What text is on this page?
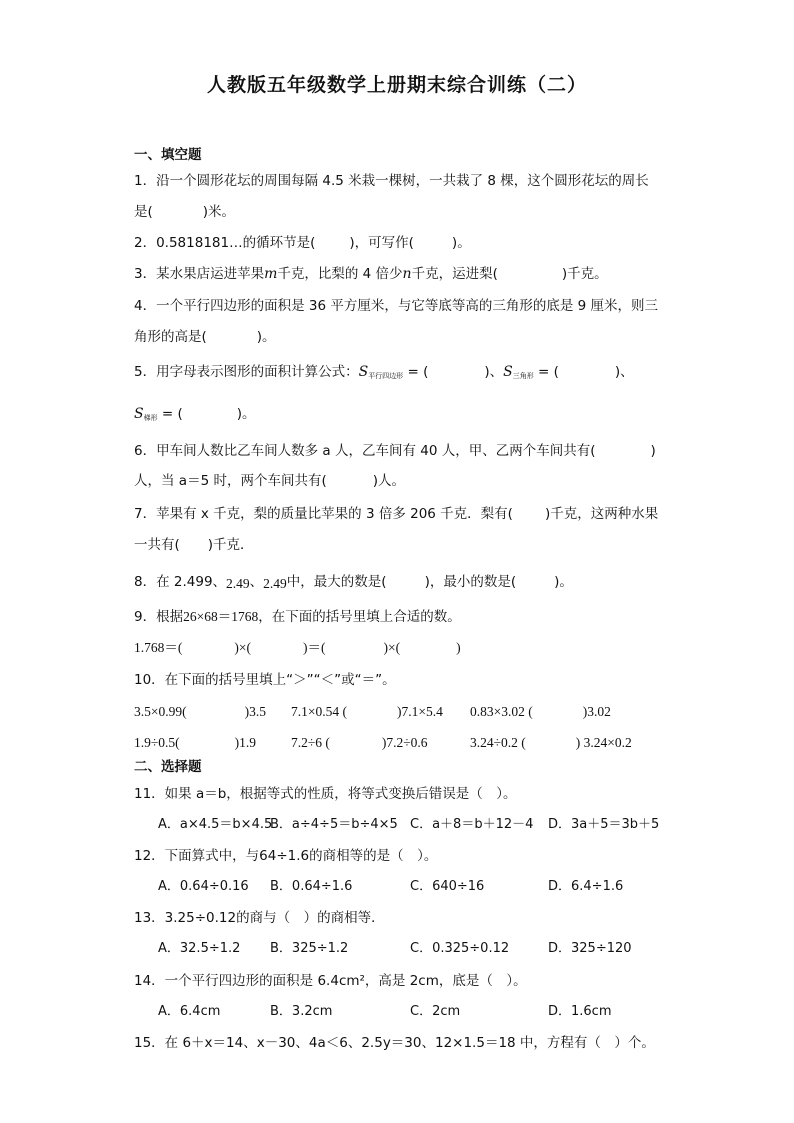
人教版五年级数学上册期末综合训练（二）
一、填空题
1．沿一个圆形花坛的周围每隔 4.5 米栽一棵树，一共栽了 8 棵，这个圆形花坛的周长
是(	)米。
2．0.5818181…的循环节是(	)，可写作(	)。
3．某水果店运进苹果m千克，比梨的 4 倍少n千克，运进梨(	)千克。
4．一个平行四边形的面积是 36 平方厘米，与它等底等高的三角形的底是 9 厘米，则三
角形的高是(	)。
5．用字母表示图形的面积计算公式：$S_{平行四边形}$ = (	)、$S_{三角形}$ = (	)、
$S_{梯形}$ = (	)。
6．甲车间人数比乙车间人数多 a 人，乙车间有 40 人，甲、乙两个车间共有(	)
人，当 a＝5 时，两个车间共有(	)人。
7．苹果有 x 千克，梨的质量比苹果的 3 倍多 206 千克．梨有( )千克，这两种水果
一共有( )千克．
8．在 2.499、2.49、2.49中，最大的数是(	)，最小的数是(	)。
9．根据26×68＝1768，在下面的括号里填上合适的数。
1.768＝(	)×(	)＝(	)×(	)
10．在下面的括号里填上“＞”“＜”或“＝”。
3.5×0.99(	)3.5 7.1×0.54 (	)7.1×5.4 0.83×3.02 (	)3.02
1.9÷0.5(	)1.9	7.2÷6 (	)7.2÷0.6	3.24÷0.2 (	) 3.24×0.2
二、选择题
11．如果 a＝b，根据等式的性质，将等式变换后错误是（　）。
A．a×4.5＝b×4.5
B．a÷4÷5＝b÷4×5 C．a＋8＝b＋12－4 D．3a＋5＝3b＋5
12．下面算式中，与64÷1.6的商相等的是（　）。
A．0.64÷0.16 B．0.64÷1.6	C．640÷16	D．6.4÷1.6
13．3.25÷0.12的商与（　）的商相等．
A．32.5÷1.2 B．325÷1.2	C．0.325÷0.12	D．325÷120
14．一个平行四边形的面积是 6.4cm²，高是 2cm，底是（　）。
A．6.4cm	B．3.2cm	C．2cm	D．1.6cm
15．在 6＋x＝14、x－30、4a＜6、2.5y＝30、12×1.5＝18 中，方程有（　）个。
